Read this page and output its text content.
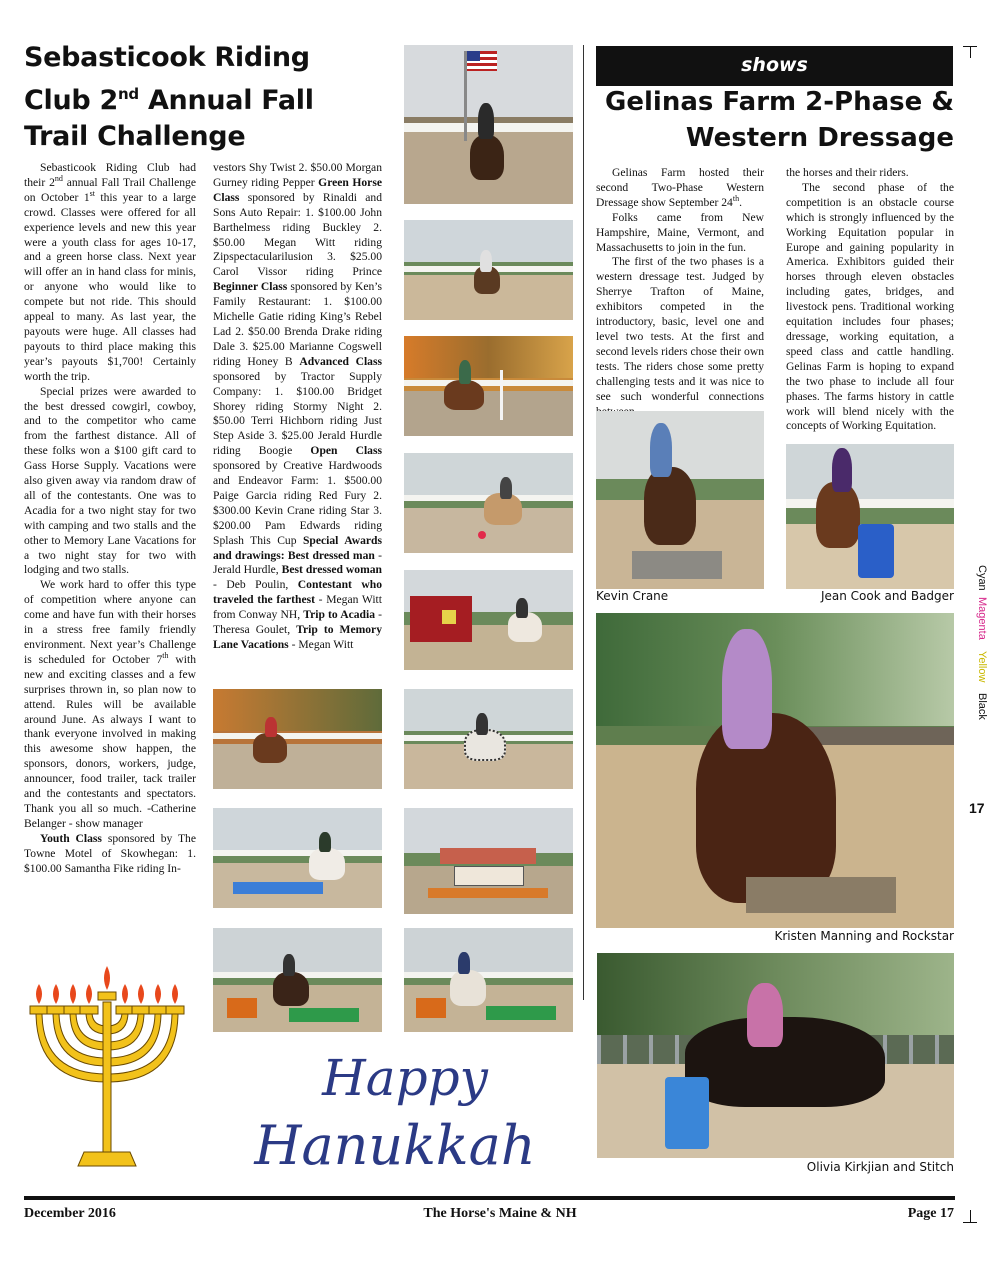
Sebasticook Riding
Club 2nd Annual Fall
Trail Challenge

Sebasticook Riding Club had their 2nd annual Fall Trail Challenge on October 1st this year to a large crowd. Classes were offered for all experience levels and new this year were a youth class for ages 10-17, and a green horse class. Next year will offer an in hand class for minis, or anyone who would like to compete but not ride. This should appeal to many. As last year, the payouts were huge. All classes had payouts to third place making this year’s payouts $1,700! Certainly worth the trip.

Special prizes were awarded to the best dressed cowgirl, cowboy, and to the competitor who came from the farthest distance. All of these folks won a $100 gift card to Gass Horse Supply. Vacations were also given away via random draw of all of the contestants. One was to Acadia for a two night stay for two with camping and two stalls and the other to Memory Lane Vacations for a two night stay for two with lodging and two stalls.

We work hard to offer this type of competition where anyone can come and have fun with their horses in a stress free family friendly environment. Next year’s Challenge is scheduled for October 7th with new and exciting classes and a few surprises thrown in, so plan now to attend. Rules will be available around June. As always I want to thank everyone involved in making this awesome show happen, the sponsors, donors, workers, judge, announcer, food trailer, tack trailer and the contestants and spectators. Thank you all so much. -Catherine Belanger - show manager

Youth Class sponsored by The Towne Motel of Skowhegan: 1. $100.00 Samantha Fike riding In-

vestors Shy Twist 2. $50.00 Morgan Gurney riding Pepper Green Horse Class sponsored by Rinaldi and Sons Auto Repair: 1. $100.00 John Barthelmess riding Buckley 2. $50.00 Megan Witt riding Zipspectacularilusion 3. $25.00 Carol Vissor riding Prince Beginner Class sponsored by Ken’s Family Restaurant: 1. $100.00 Michelle Gatie riding King’s Rebel Lad 2. $50.00 Brenda Drake riding Dale 3. $25.00 Marianne Cogswell riding Honey B Advanced Class sponsored by Tractor Supply Company: 1. $100.00 Bridget Shorey riding Stormy Night 2. $50.00 Terri Hichborn riding Just Step Aside 3. $25.00 Jerald Hurdle riding Boogie Open Class sponsored by Creative Hardwoods and Endeavor Farm: 1. $500.00 Paige Garcia riding Red Fury 2. $300.00 Kevin Crane riding Star 3. $200.00 Pam Edwards riding Splash This Cup Special Awards and drawings: Best dressed man - Jerald Hurdle, Best dressed woman - Deb Poulin, Contestant who traveled the farthest - Megan Witt from Conway NH, Trip to Acadia - Theresa Goulet, Trip to Memory Lane Vacations - Megan Witt

shows
Gelinas Farm 2-Phase &
Western Dressage

Gelinas Farm hosted their second Two-Phase Western Dressage show September 24th.

Folks came from New Hampshire, Maine, Vermont, and Massachusetts to join in the fun.

The first of the two phases is a western dressage test. Judged by Sherrye Trafton of Maine, exhibitors competed in the introductory, basic, level one and level two tests. At the first and second levels riders chose their own tests. The riders chose some pretty challenging tests and it was nice to see such wonderful connections

the horses and their riders.

The second phase of the competition is an obstacle course which is strongly influenced by the Working Equitation popular in Europe and gaining popularity in America. Exhibitors guided their horses through eleven obstacles including gates, bridges, and livestock pens. Traditional working equitation includes four phases; dressage, working equitation, a speed class and cattle handling. Gelinas Farm is hoping to expand the two phase to include all four phases. The farms history in cattle work will blend nicely with the concepts of Working Equitation.

Kevin Crane	Jean Cook and Badger
Kristen Manning and Rockstar
Olivia Kirkjian and Stitch
Happy
Hanukkah
Cyan
Magenta
Yellow
Black
17
December 2016	The Horse's Maine & NH	Page 17
